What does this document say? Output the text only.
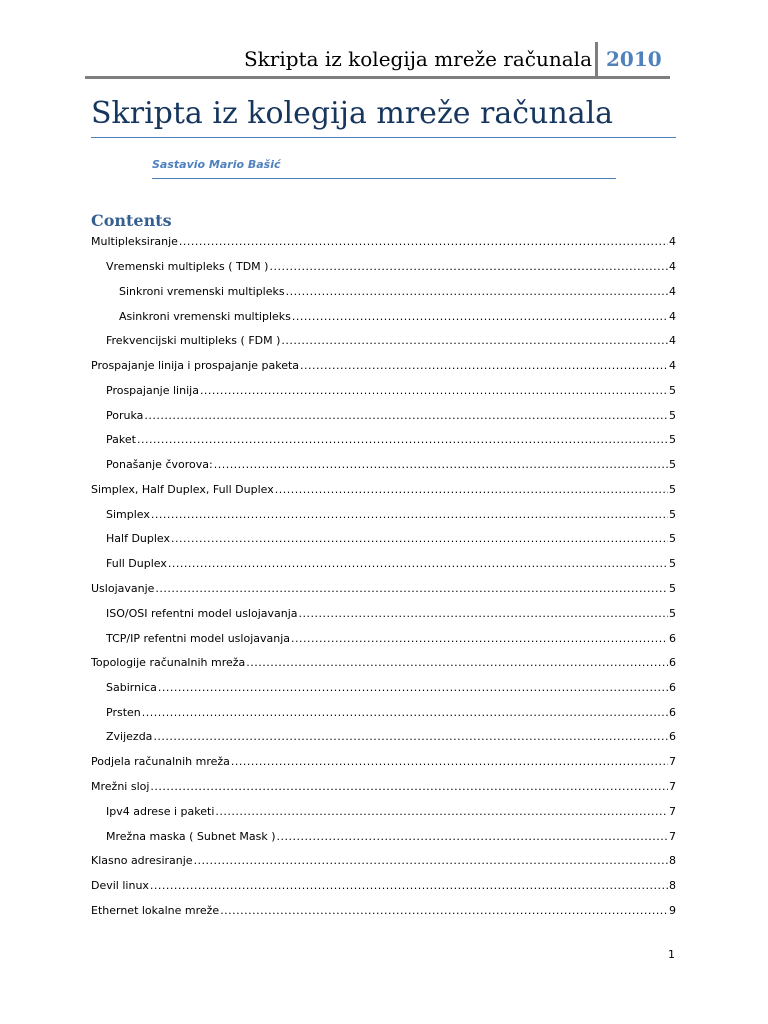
Skripta iz kolegija mreže računala 2010
Skripta iz kolegija mreže računala
Sastavio Mario Bašić
Contents
Multipleksiranje .....	4
Vremenski multipleks ( TDM ) .....	4
Sinkroni vremenski multipleks .....	4
Asinkroni vremenski multipleks .....	4
Frekvencijski multipleks ( FDM ) .....	4
Prospajanje linija i prospajanje paketa .....	4
Prospajanje linija .....	5
Poruka .....	5
Paket .....	5
Ponašanje čvorova: .....	5
Simplex, Half Duplex, Full Duplex .....	5
Simplex .....	5
Half Duplex .....	5
Full Duplex .....	5
Uslojavanje .....	5
ISO/OSI refentni model uslojavanja .....	5
TCP/IP refentni model uslojavanja .....	6
Topologije računalnih mreža .....	6
Sabirnica .....	6
Prsten .....	6
Zvijezda .....	6
Podjela računalnih mreža .....	7
Mrežni sloj .....	7
Ipv4 adrese i paketi .....	7
Mrežna maska ( Subnet Mask ) .....	7
Klasno adresiranje .....	8
Devil linux .....	8
Ethernet lokalne mreže .....	9
1
